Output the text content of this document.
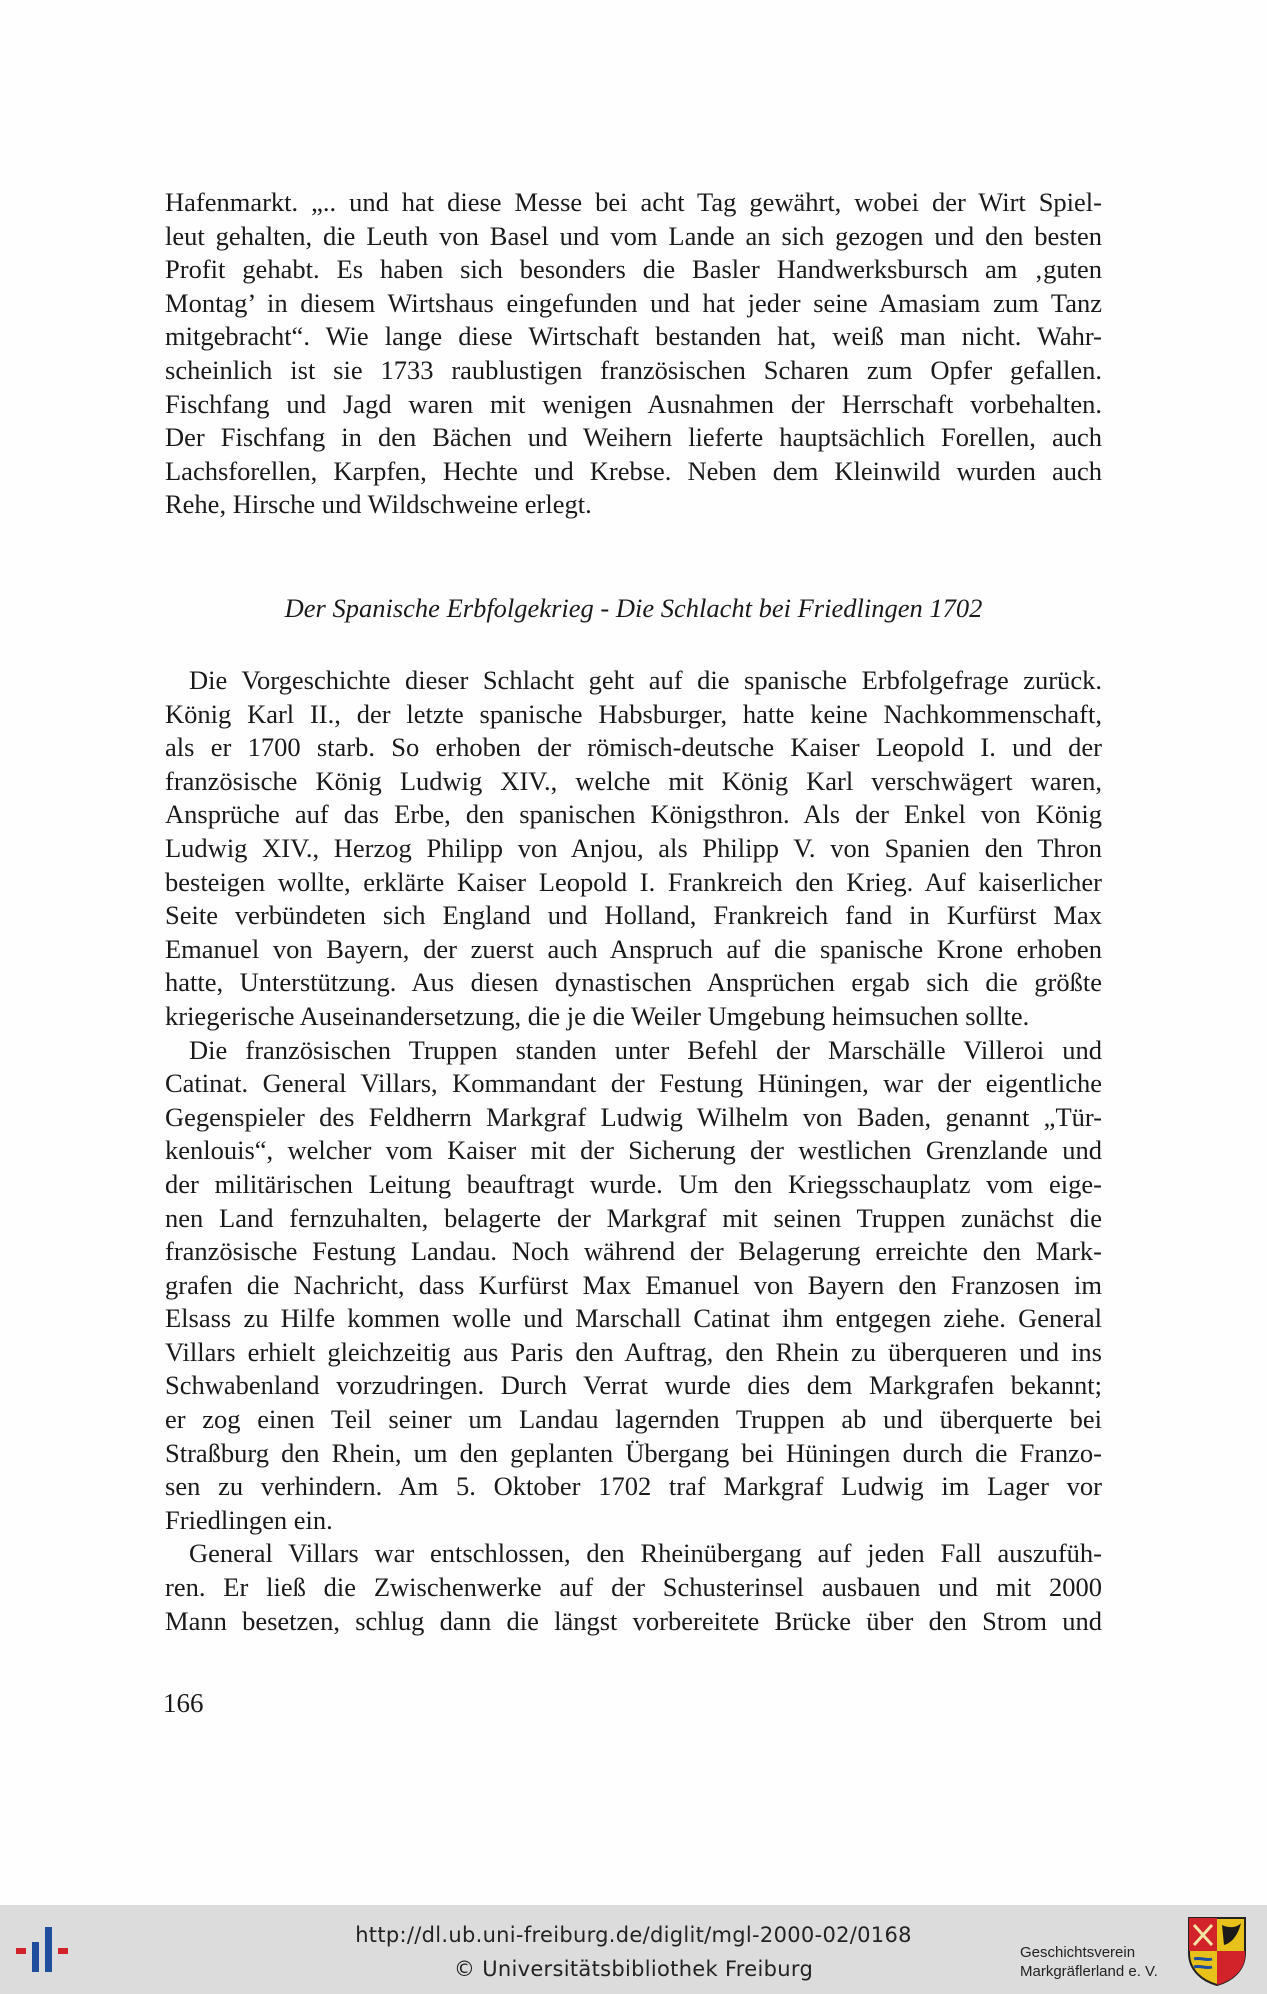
Hafenmarkt. „.. und hat diese Messe bei acht Tag gewährt, wobei der Wirt Spiel-
leut gehalten, die Leuth von Basel und vom Lande an sich gezogen und den besten
Profit gehabt. Es haben sich besonders die Basler Handwerksbursch am ‚guten
Montag’ in diesem Wirtshaus eingefunden und hat jeder seine Amasiam zum Tanz
mitgebracht“. Wie lange diese Wirtschaft bestanden hat, weiß man nicht. Wahr-
scheinlich ist sie 1733 raublustigen französischen Scharen zum Opfer gefallen.
Fischfang und Jagd waren mit wenigen Ausnahmen der Herrschaft vorbehalten.
Der Fischfang in den Bächen und Weihern lieferte hauptsächlich Forellen, auch
Lachsforellen, Karpfen, Hechte und Krebse. Neben dem Kleinwild wurden auch
Rehe, Hirsche und Wildschweine erlegt.
Der Spanische Erbfolgekrieg - Die Schlacht bei Friedlingen 1702
Die Vorgeschichte dieser Schlacht geht auf die spanische Erbfolgefrage zurück.
König Karl II., der letzte spanische Habsburger, hatte keine Nachkommenschaft,
als er 1700 starb. So erhoben der römisch-deutsche Kaiser Leopold I. und der
französische König Ludwig XIV., welche mit König Karl verschwägert waren,
Ansprüche auf das Erbe, den spanischen Königsthron. Als der Enkel von König
Ludwig XIV., Herzog Philipp von Anjou, als Philipp V. von Spanien den Thron
besteigen wollte, erklärte Kaiser Leopold I. Frankreich den Krieg. Auf kaiserlicher
Seite verbündeten sich England und Holland, Frankreich fand in Kurfürst Max
Emanuel von Bayern, der zuerst auch Anspruch auf die spanische Krone erhoben
hatte, Unterstützung. Aus diesen dynastischen Ansprüchen ergab sich die größte
kriegerische Auseinandersetzung, die je die Weiler Umgebung heimsuchen sollte.
Die französischen Truppen standen unter Befehl der Marschälle Villeroi und
Catinat. General Villars, Kommandant der Festung Hüningen, war der eigentliche
Gegenspieler des Feldherrn Markgraf Ludwig Wilhelm von Baden, genannt „Tür-
kenlouis“, welcher vom Kaiser mit der Sicherung der westlichen Grenzlande und
der militärischen Leitung beauftragt wurde. Um den Kriegsschauplatz vom eige-
nen Land fernzuhalten, belagerte der Markgraf mit seinen Truppen zunächst die
französische Festung Landau. Noch während der Belagerung erreichte den Mark-
grafen die Nachricht, dass Kurfürst Max Emanuel von Bayern den Franzosen im
Elsass zu Hilfe kommen wolle und Marschall Catinat ihm entgegen ziehe. General
Villars erhielt gleichzeitig aus Paris den Auftrag, den Rhein zu überqueren und ins
Schwabenland vorzudringen. Durch Verrat wurde dies dem Markgrafen bekannt;
er zog einen Teil seiner um Landau lagernden Truppen ab und überquerte bei
Straßburg den Rhein, um den geplanten Übergang bei Hüningen durch die Franzo-
sen zu verhindern. Am 5. Oktober 1702 traf Markgraf Ludwig im Lager vor
Friedlingen ein.
General Villars war entschlossen, den Rheinübergang auf jeden Fall auszufüh-
ren. Er ließ die Zwischenwerke auf der Schusterinsel ausbauen und mit 2000
Mann besetzen, schlug dann die längst vorbereitete Brücke über den Strom und
166
http://dl.ub.uni-freiburg.de/diglit/mgl-2000-02/0168
© Universitätsbibliothek Freiburg
Geschichtsverein
Markgräflerland e. V.
